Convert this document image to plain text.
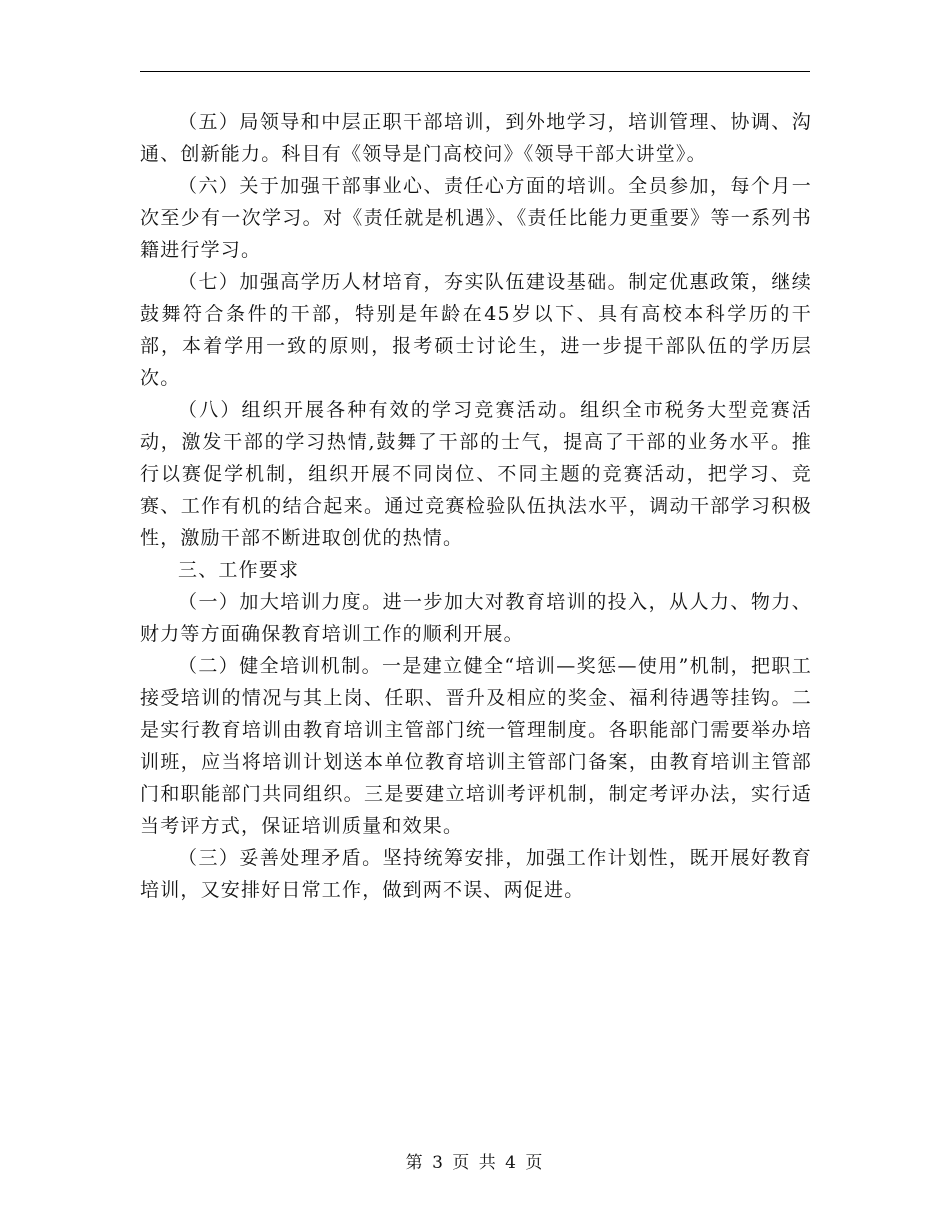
（五）局领导和中层正职干部培训，到外地学习，培训管理、协调、沟通、创新能力。科目有《领导是门高校问》《领导干部大讲堂》。

（六）关于加强干部事业心、责任心方面的培训。全员参加，每个月一次至少有一次学习。对《责任就是机遇》、《责任比能力更重要》等一系列书籍进行学习。

（七）加强高学历人材培育，夯实队伍建设基础。制定优惠政策，继续鼓舞符合条件的干部，特别是年龄在45岁以下、具有高校本科学历的干部，本着学用一致的原则，报考硕士讨论生，进一步提干部队伍的学历层次。

（八）组织开展各种有效的学习竞赛活动。组织全市税务大型竞赛活动，激发干部的学习热情,鼓舞了干部的士气，提高了干部的业务水平。推行以赛促学机制，组织开展不同岗位、不同主题的竞赛活动，把学习、竞赛、工作有机的结合起来。通过竞赛检验队伍执法水平，调动干部学习积极性，激励干部不断进取创优的热情。

三、工作要求

（一）加大培训力度。进一步加大对教育培训的投入，从人力、物力、财力等方面确保教育培训工作的顺利开展。

（二）健全培训机制。一是建立健全“培训—奖惩—使用”机制，把职工接受培训的情况与其上岗、任职、晋升及相应的奖金、福利待遇等挂钩。二是实行教育培训由教育培训主管部门统一管理制度。各职能部门需要举办培训班，应当将培训计划送本单位教育培训主管部门备案，由教育培训主管部门和职能部门共同组织。三是要建立培训考评机制，制定考评办法，实行适当考评方式，保证培训质量和效果。

（三）妥善处理矛盾。坚持统筹安排，加强工作计划性，既开展好教育培训，又安排好日常工作，做到两不误、两促进。

第 3 页 共 4 页
